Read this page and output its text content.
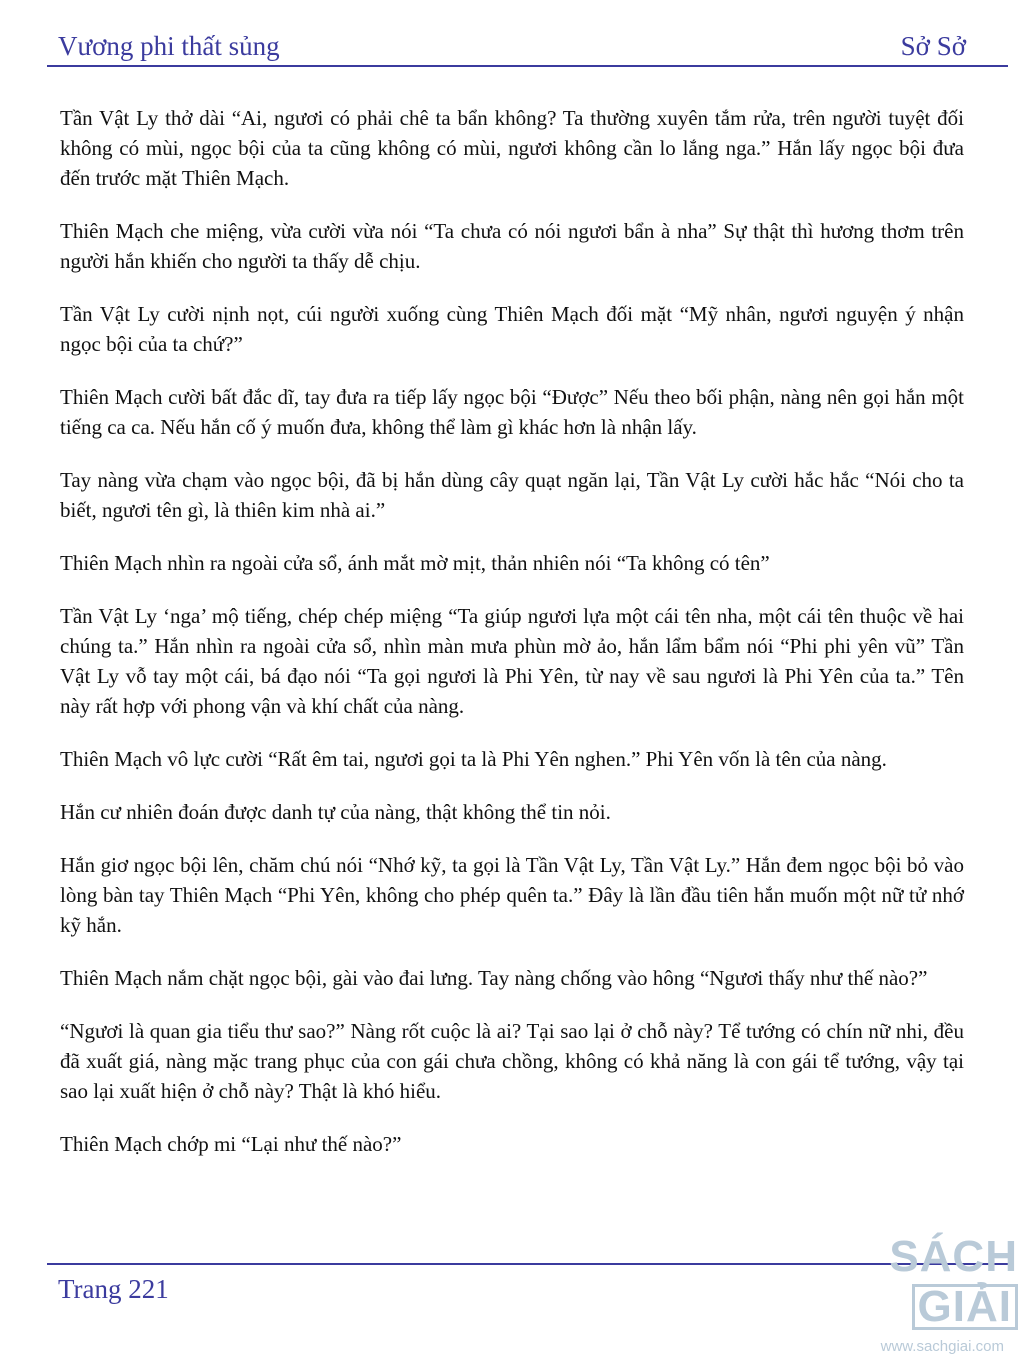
Vương phi thất sủng	Sở Sở

Tần Vật Ly thở dài “Ai, ngươi có phải chê ta bẩn không? Ta thường xuyên tắm rửa, trên người tuyệt đối không có mùi, ngọc bội của ta cũng không có mùi, ngươi không cần lo lắng nga.” Hắn lấy ngọc bội đưa đến trước mặt Thiên Mạch.

Thiên Mạch che miệng, vừa cười vừa nói “Ta chưa có nói ngươi bẩn à nha” Sự thật thì hương thơm trên người hắn khiến cho người ta thấy dễ chịu.

Tần Vật Ly cười nịnh nọt, cúi người xuống cùng Thiên Mạch đối mặt “Mỹ nhân, ngươi nguyện ý nhận ngọc bội của ta chứ?”

Thiên Mạch cười bất đắc dĩ, tay đưa ra tiếp lấy ngọc bội “Được” Nếu theo bối phận, nàng nên gọi hắn một tiếng ca ca. Nếu hắn cố ý muốn đưa, không thể làm gì khác hơn là nhận lấy.

Tay nàng vừa chạm vào ngọc bội, đã bị hắn dùng cây quạt ngăn lại, Tần Vật Ly cười hắc hắc “Nói cho ta biết, ngươi tên gì, là thiên kim nhà ai.”

Thiên Mạch nhìn ra ngoài cửa sổ, ánh mắt mờ mịt, thản nhiên nói “Ta không có tên”

Tần Vật Ly ‘nga’ mộ tiếng, chép chép miệng “Ta giúp ngươi lựa một cái tên nha, một cái tên thuộc về hai chúng ta.” Hắn nhìn ra ngoài cửa sổ, nhìn màn mưa phùn mờ ảo, hắn lẩm bẩm nói “Phi phi yên vũ” Tần Vật Ly vỗ tay một cái, bá đạo nói “Ta gọi ngươi là Phi Yên, từ nay về sau ngươi là Phi Yên của ta.” Tên này rất hợp với phong vận và khí chất của nàng.

Thiên Mạch vô lực cười “Rất êm tai, ngươi gọi ta là Phi Yên nghen.” Phi Yên vốn là tên của nàng.

Hắn cư nhiên đoán được danh tự của nàng, thật không thể tin nỏi.

Hắn giơ ngọc bội lên, chăm chú nói “Nhớ kỹ, ta gọi là Tần Vật Ly, Tần Vật Ly.” Hắn đem ngọc bội bỏ vào lòng bàn tay Thiên Mạch “Phi Yên, không cho phép quên ta.” Đây là lần đầu tiên hắn muốn một nữ tử nhớ kỹ hắn.

Thiên Mạch nắm chặt ngọc bội, gài vào đai lưng. Tay nàng chống vào hông “Ngươi thấy như thế nào?”

“Ngươi là quan gia tiểu thư sao?” Nàng rốt cuộc là ai? Tại sao lại ở chỗ này? Tể tướng có chín nữ nhi, đều đã xuất giá, nàng mặc trang phục của con gái chưa chồng, không có khả năng là con gái tể tướng, vậy tại sao lại xuất hiện ở chỗ này? Thật là khó hiểu.

Thiên Mạch chớp mi “Lại như thế nào?”

Trang 221
SÁCHGIẢI
www.sachgiai.com
